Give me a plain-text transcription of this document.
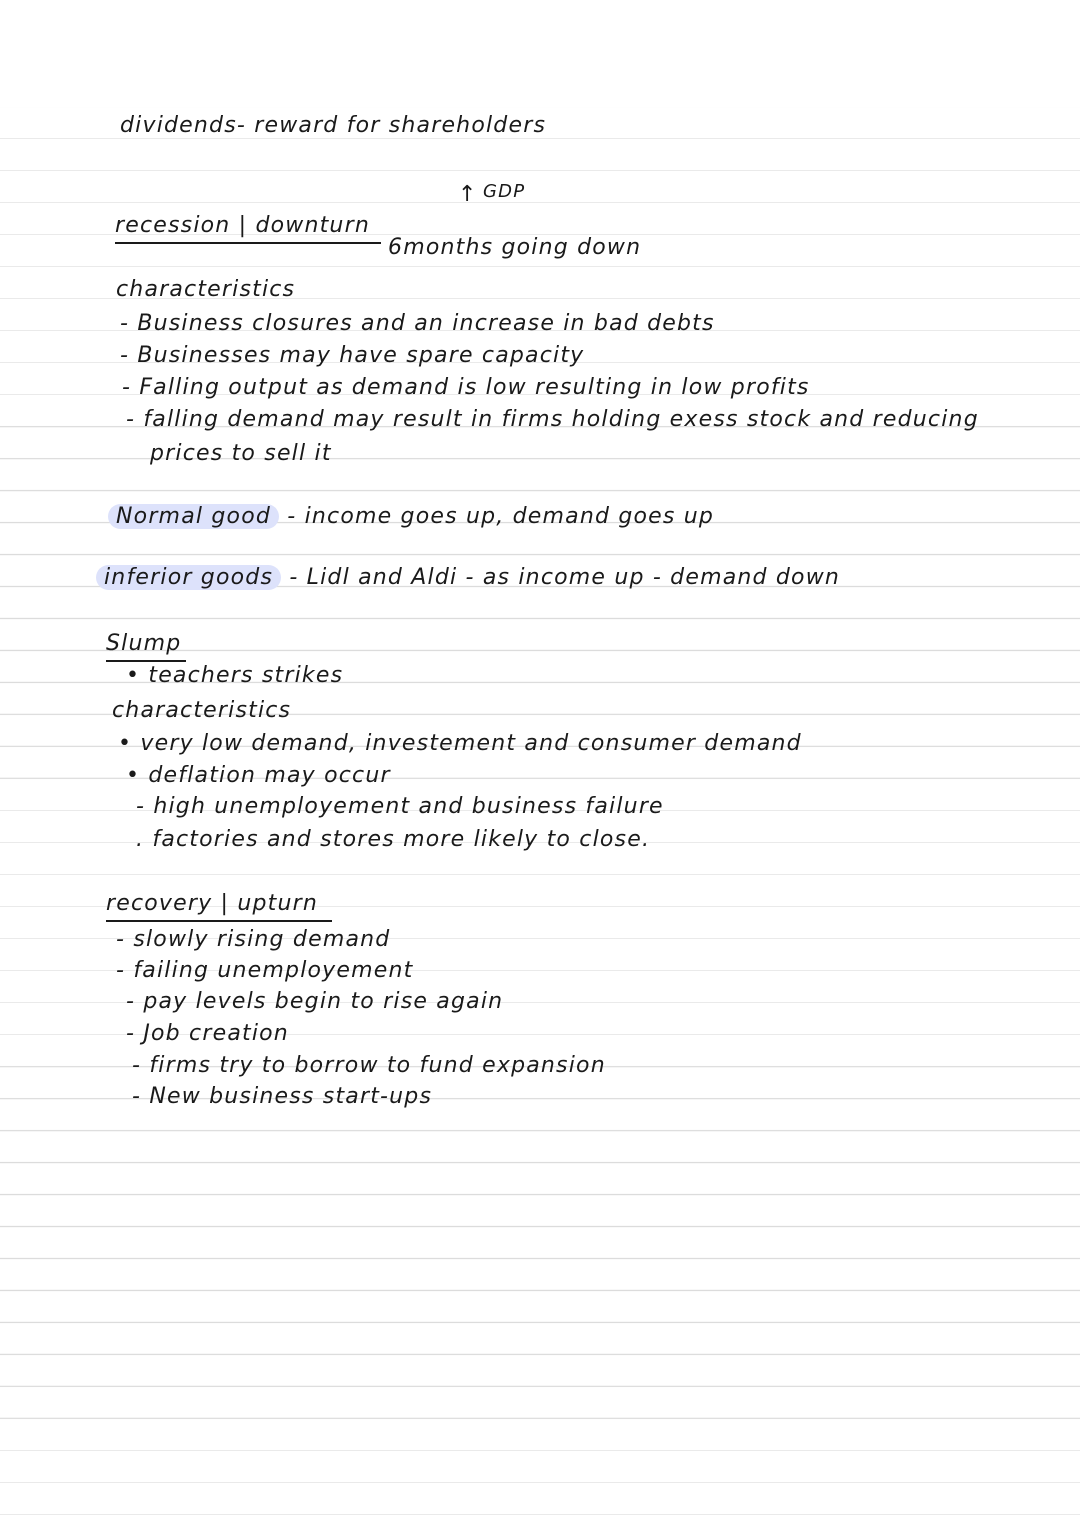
dividends- reward for shareholders
GDP
↑
recession | downturn
6months going down
characteristics
- Business closures and an increase in bad debts
- Businesses may have spare capacity
- Falling output as demand is low resulting in low profits
- falling demand may result in firms holding exess stock and reducing
prices to sell it
Normal good - income goes up, demand goes up
inferior goods - Lidl and Aldi - as income up - demand down
Slump
• teachers strikes
characteristics
• very low demand, investement and consumer demand
• deflation may occur
- high unemployement and business failure
. factories and stores more likely to close.
recovery | upturn
- slowly rising demand
- failing unemployement
- pay levels begin to rise again
- Job creation
- firms try to borrow to fund expansion
- New business start-ups
